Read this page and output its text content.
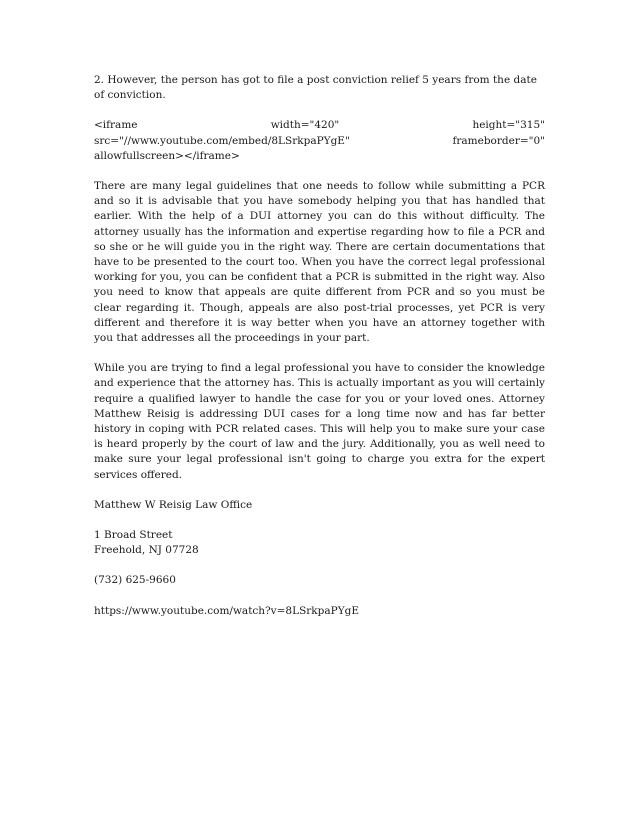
2. However, the person has got to file a post conviction relief 5 years from the date of conviction.

<iframe	width="420"	height="315"
src="//www.youtube.com/embed/8LSrkpaPYgE"	frameborder="0"
allowfullscreen></iframe>

There are many legal guidelines that one needs to follow while submitting a PCR and so it is advisable that you have somebody helping you that has handled that earlier. With the help of a DUI attorney you can do this without difficulty. The attorney usually has the information and expertise regarding how to file a PCR and so she or he will guide you in the right way. There are certain documentations that have to be presented to the court too. When you have the correct legal professional working for you, you can be confident that a PCR is submitted in the right way. Also you need to know that appeals are quite different from PCR and so you must be clear regarding it. Though, appeals are also post-trial processes, yet PCR is very different and therefore it is way better when you have an attorney together with you that addresses all the proceedings in your part.

While you are trying to find a legal professional you have to consider the knowledge and experience that the attorney has. This is actually important as you will certainly require a qualified lawyer to handle the case for you or your loved ones. Attorney Matthew Reisig is addressing DUI cases for a long time now and has far better history in coping with PCR related cases. This will help you to make sure your case is heard properly by the court of law and the jury. Additionally, you as well need to make sure your legal professional isn't going to charge you extra for the expert services offered.

Matthew W Reisig Law Office
1 Broad Street
Freehold, NJ 07728
(732) 625-9660
https://www.youtube.com/watch?v=8LSrkpaPYgE
